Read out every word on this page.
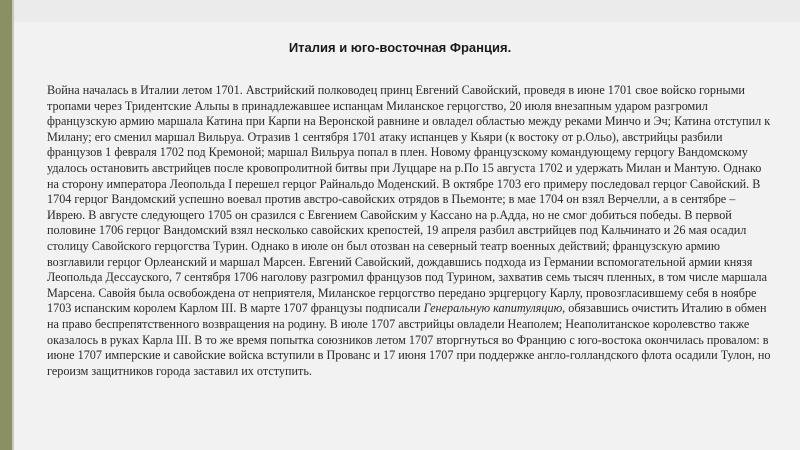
Италия и юго-восточная Франция.

Война началась в Италии летом 1701. Австрийский полководец принц Евгений Савойский, проведя в июне 1701 свое войско горными тропами через Тридентские Альпы в принадлежавшее испанцам Миланское герцогство, 20 июля внезапным ударом разгромил французскую армию маршала Катина при Карпи на Веронской равнине и овладел областью между реками Минчо и Эч; Катина отступил к Милану; его сменил маршал Вильруа. Отразив 1 сентября 1701 атаку испанцев у Кьяри (к востоку от р.Ольо), австрийцы разбили французов 1 февраля 1702 под Кремоной; маршал Вильруа попал в плен. Новому французскому командующему герцогу Вандомскому удалось остановить австрийцев после кровопролитной битвы при Луццаре на р.По 15 августа 1702 и удержать Милан и Мантую. Однако на сторону императора Леопольда I перешел герцог Райнальдо Моденский. В октябре 1703 его примеру последовал герцог Савойский. В 1704 герцог Вандомский успешно воевал против австро-савойских отрядов в Пьемонте; в мае 1704 он взял Верчелли, а в сентябре – Иврею. В августе следующего 1705 он сразился с Евгением Савойским у Кассано на р.Адда, но не смог добиться победы. В первой половине 1706 герцог Вандомский взял несколько савойских крепостей, 19 апреля разбил австрийцев под Кальчинато и 26 мая осадил столицу Савойского герцогства Турин. Однако в июле он был отозван на северный театр военных действий; французскую армию возглавили герцог Орлеанский и маршал Марсен. Евгений Савойский, дождавшись подхода из Германии вспомогательной армии князя Леопольда Дессауского, 7 сентября 1706 наголову разгромил французов под Турином, захватив семь тысяч пленных, в том числе маршала Марсена. Савойя была освобождена от неприятеля, Миланское герцогство передано эрцгерцогу Карлу, провозгласившему себя в ноябре 1703 испанским королем Карлом III. В марте 1707 французы подписали Генеральную капитуляцию, обязавшись очистить Италию в обмен на право беспрепятственного возвращения на родину. В июле 1707 австрийцы овладели Неаполем; Неаполитанское королевство также оказалось в руках Карла III. В то же время попытка союзников летом 1707 вторгнуться во Францию с юго-востока окончилась провалом: в июне 1707 имперские и савойские войска вступили в Прованс и 17 июня 1707 при поддержке англо-голландского флота осадили Тулон, но героизм защитников города заставил их отступить.
